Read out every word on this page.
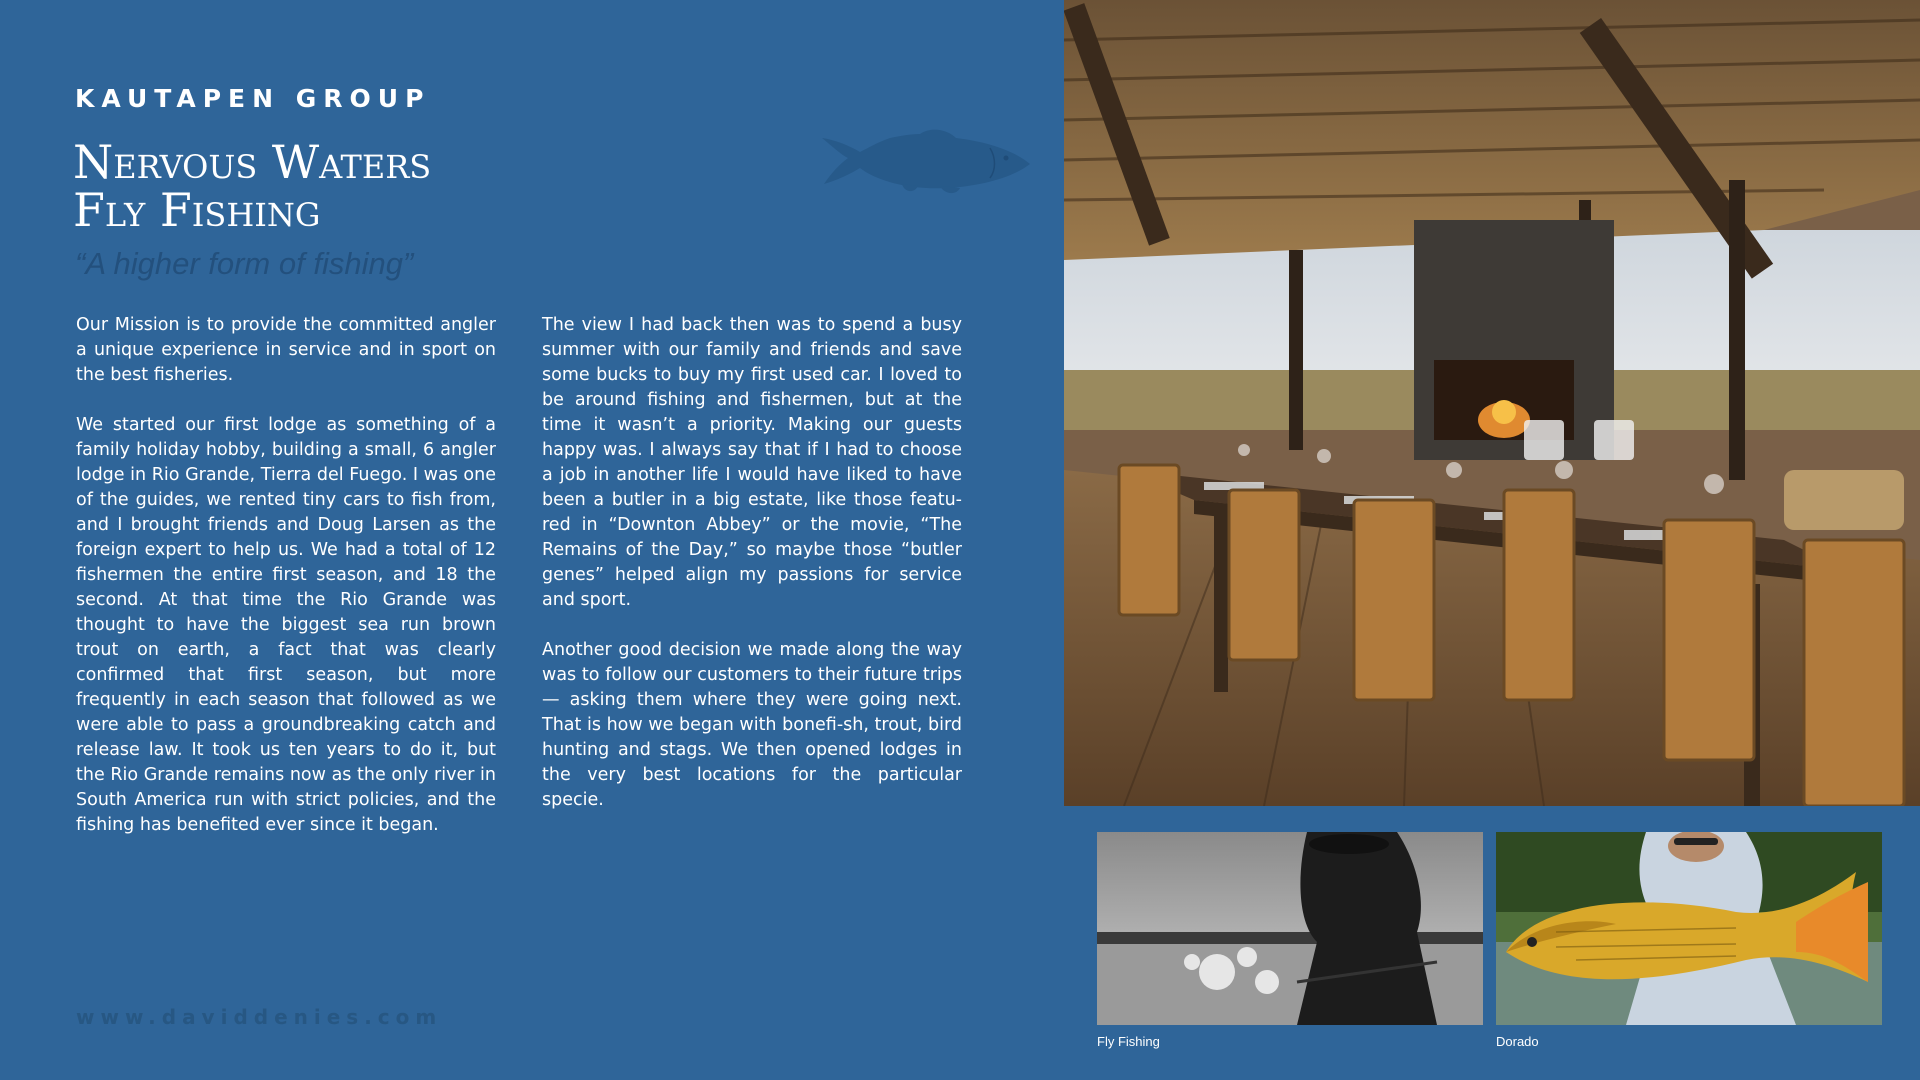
KAUTAPEN GROUP
Nervous Waters
Fly Fishing
“A higher form of fishing”

Our Mission is to provide the committed angler a unique experience in service and in sport on the best fisheries.

We started our first lodge as something of a family holiday hobby, building a small, 6 angler lodge in Rio Grande, Tierra del Fuego. I was one of the guides, we rented tiny cars to fish from, and I brought friends and Doug Larsen as the foreign expert to help us. We had a total of 12 fishermen the entire first season, and 18 the second. At that time the Rio Grande was thought to have the biggest sea run brown trout on earth, a fact that was clearly confirmed that first season, but more frequently in each season that followed as we were able to pass a groundbreaking catch and release law. It took us ten years to do it, but the Rio Grande remains now as the only river in South America run with strict policies, and the fishing has benefited ever since it began.

The view I had back then was to spend a busy summer with our family and friends and save some bucks to buy my first used car. I loved to be around fishing and fishermen, but at the time it wasn’t a priority. Making our guests happy was. I always say that if I had to choose a job in another life I would have liked to have been a butler in a big estate, like those featu-red in “Downton Abbey” or the movie, “The Remains of the Day,” so maybe those “butler genes” helped align my passions for service and sport.

Another good decision we made along the way was to follow our customers to their future trips — asking them where they were going next. That is how we began with bonefi-sh, trout, bird hunting and stags. We then opened lodges in the very best locations for the particular specie.

www.daviddenies.com
Fly Fishing	Dorado
